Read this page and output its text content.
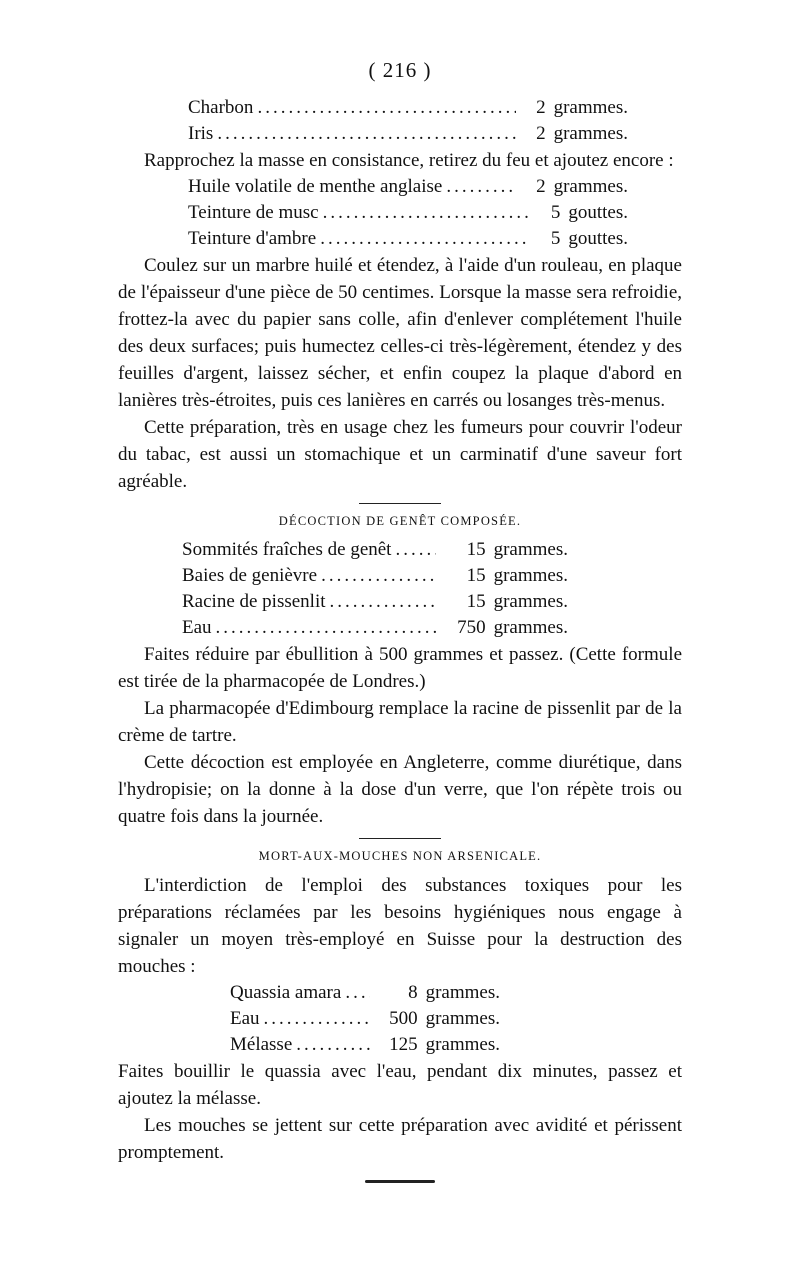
( 216 )
Charbon .....	2 grammes.
Iris .....	2 grammes.

Rapprochez la masse en consistance, retirez du feu et ajoutez encore :

Huile volatile de menthe anglaise .....	2 grammes.
Teinture de musc .....	5 gouttes.
Teinture d'ambre .....	5 gouttes.

Coulez sur un marbre huilé et étendez, à l'aide d'un rouleau, en plaque de l'épaisseur d'une pièce de 50 centimes. Lorsque la masse sera refroidie, frottez-la avec du papier sans colle, afin d'enlever complétement l'huile des deux surfaces; puis humectez celles-ci très-légèrement, étendez y des feuilles d'argent, laissez sécher, et enfin coupez la plaque d'abord en lanières très-étroites, puis ces lanières en carrés ou losanges très-menus.

Cette préparation, très en usage chez les fumeurs pour couvrir l'odeur du tabac, est aussi un stomachique et un carminatif d'une saveur fort agréable.

DÉCOCTION DE GENÊT COMPOSÉE.
Sommités fraîches de genêt .....	15 grammes.
Baies de genièvre .....	15 grammes.
Racine de pissenlit .....	15 grammes.
Eau .....	750 grammes.

Faites réduire par ébullition à 500 grammes et passez. (Cette formule est tirée de la pharmacopée de Londres.)

La pharmacopée d'Edimbourg remplace la racine de pissenlit par de la crème de tartre.

Cette décoction est employée en Angleterre, comme diurétique, dans l'hydropisie; on la donne à la dose d'un verre, que l'on répète trois ou quatre fois dans la journée.

MORT-AUX-MOUCHES NON ARSENICALE.

L'interdiction de l'emploi des substances toxiques pour les préparations réclamées par les besoins hygiéniques nous engage à signaler un moyen très-employé en Suisse pour la destruction des mouches :

Quassia amara .....	8 grammes.
Eau .....	500 grammes.
Mélasse .....	125 grammes.

Faites bouillir le quassia avec l'eau, pendant dix minutes, passez et ajoutez la mélasse.

Les mouches se jettent sur cette préparation avec avidité et périssent promptement.
